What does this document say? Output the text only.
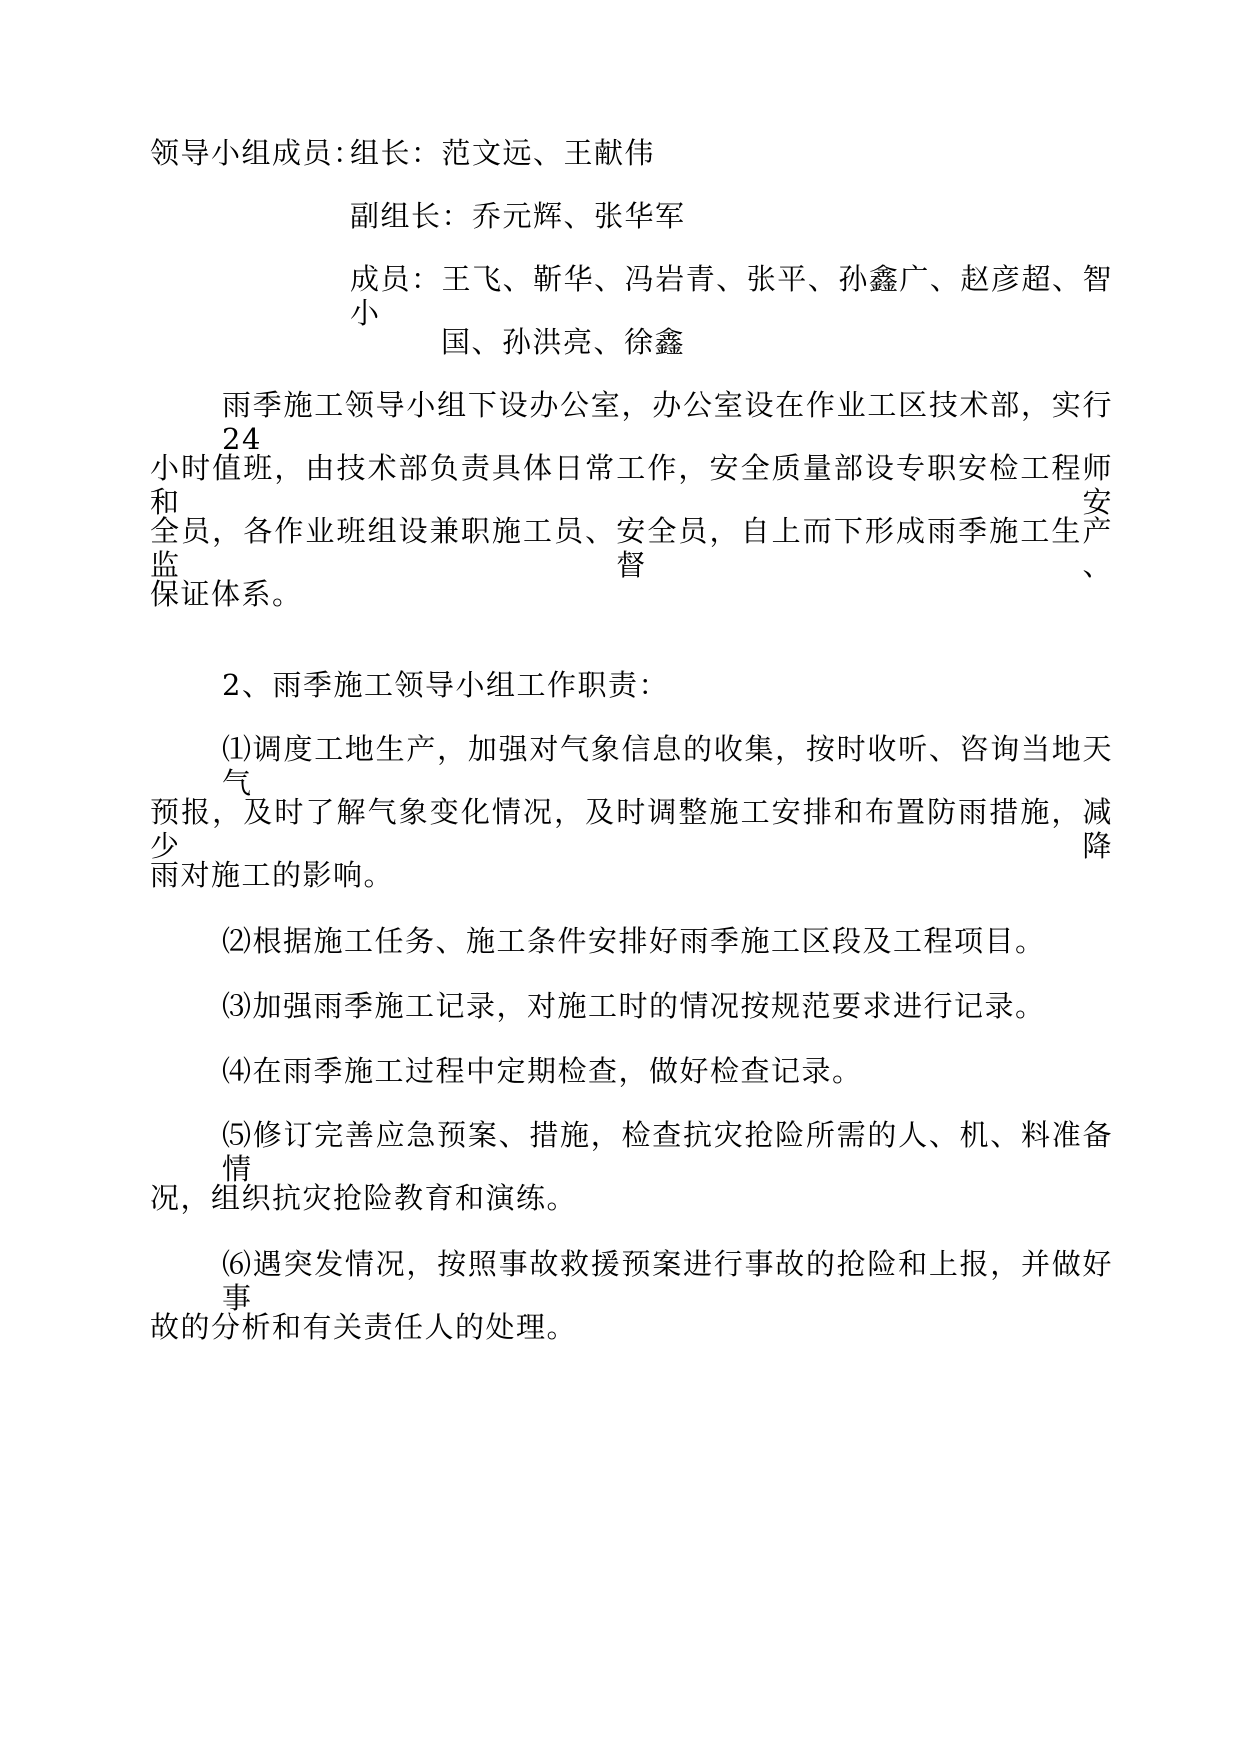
领导小组成员：
组长：范文远、王献伟
副组长：乔元辉、张华军
成员：王飞、靳华、冯岩青、张平、孙鑫广、赵彦超、智小
国、孙洪亮、徐鑫
雨季施工领导小组下设办公室，办公室设在作业工区技术部，实行 24
小时值班，由技术部负责具体日常工作，安全质量部设专职安检工程师和安
全员，各作业班组设兼职施工员、安全员，自上而下形成雨季施工生产监督、
保证体系。
2、雨季施工领导小组工作职责：
⑴调度工地生产，加强对气象信息的收集，按时收听、咨询当地天气
预报，及时了解气象变化情况，及时调整施工安排和布置防雨措施，减少降
雨对施工的影响。
⑵根据施工任务、施工条件安排好雨季施工区段及工程项目。
⑶加强雨季施工记录，对施工时的情况按规范要求进行记录。
⑷在雨季施工过程中定期检查，做好检查记录。
⑸修订完善应急预案、措施，检查抗灾抢险所需的人、机、料准备情
况，组织抗灾抢险教育和演练。
⑹遇突发情况，按照事故救援预案进行事故的抢险和上报，并做好事
故的分析和有关责任人的处理。
